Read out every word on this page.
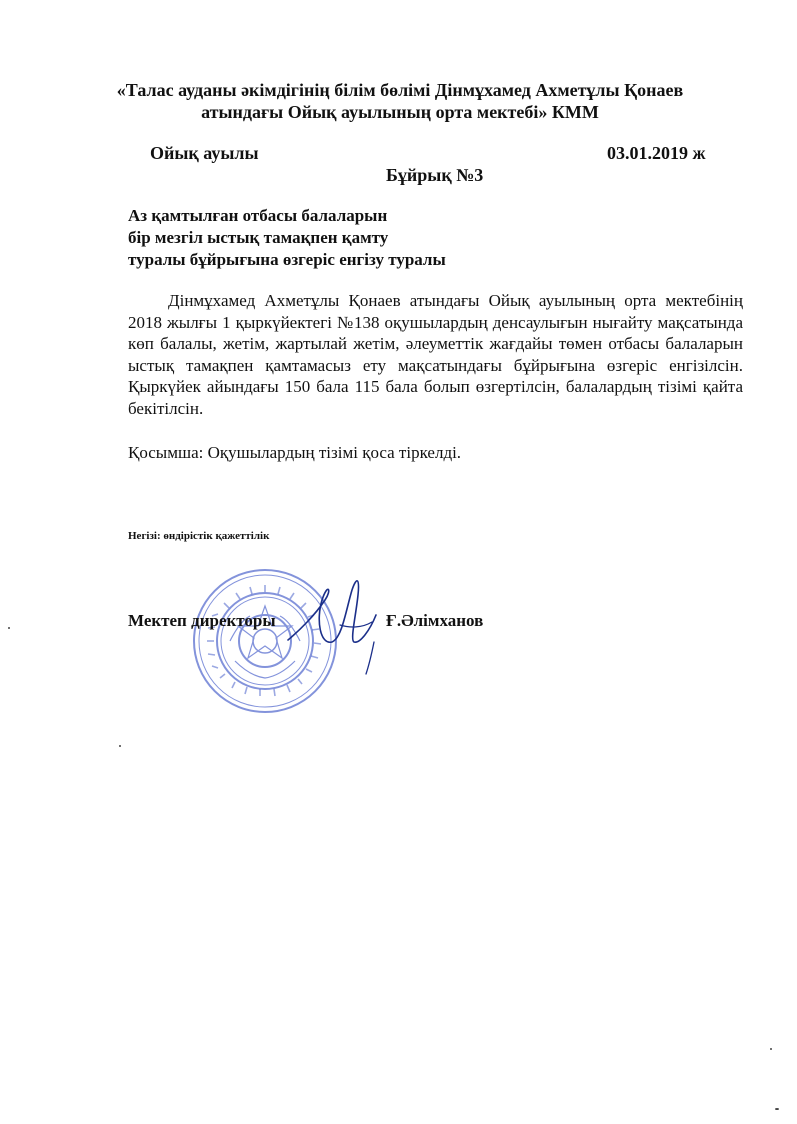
«Талас ауданы әкімдігінің білім бөлімі Дінмұхамед Ахметұлы Қонаев
атындағы Ойық ауылының орта мектебі» КММ
Ойық ауылы	03.01.2019 ж
Бұйрық №3
Аз қамтылған отбасы балаларын
бір мезгіл ыстық тамақпен қамту
туралы бұйрығына өзгеріс енгізу туралы
Дінмұхамед Ахметұлы Қонаев атындағы Ойық ауылының орта мектебінің 2018 жылғы 1 қыркүйектегі №138 оқушылардың денсаулығын нығайту мақсатында көп балалы, жетім, жартылай жетім, әлеуметтік жағдайы төмен отбасы балаларын ыстық тамақпен қамтамасыз ету мақсатындағы бұйрығына өзгеріс енгізілсін. Қыркүйек айындағы 150 бала 115 бала болып өзгертілсін, балалардың тізімі қайта бекітілсін.
Қосымша: Оқушылардың тізімі қоса тіркелді.
Негізі: өндірістік қажеттілік
Мектеп директоры	Ғ.Әлімханов
